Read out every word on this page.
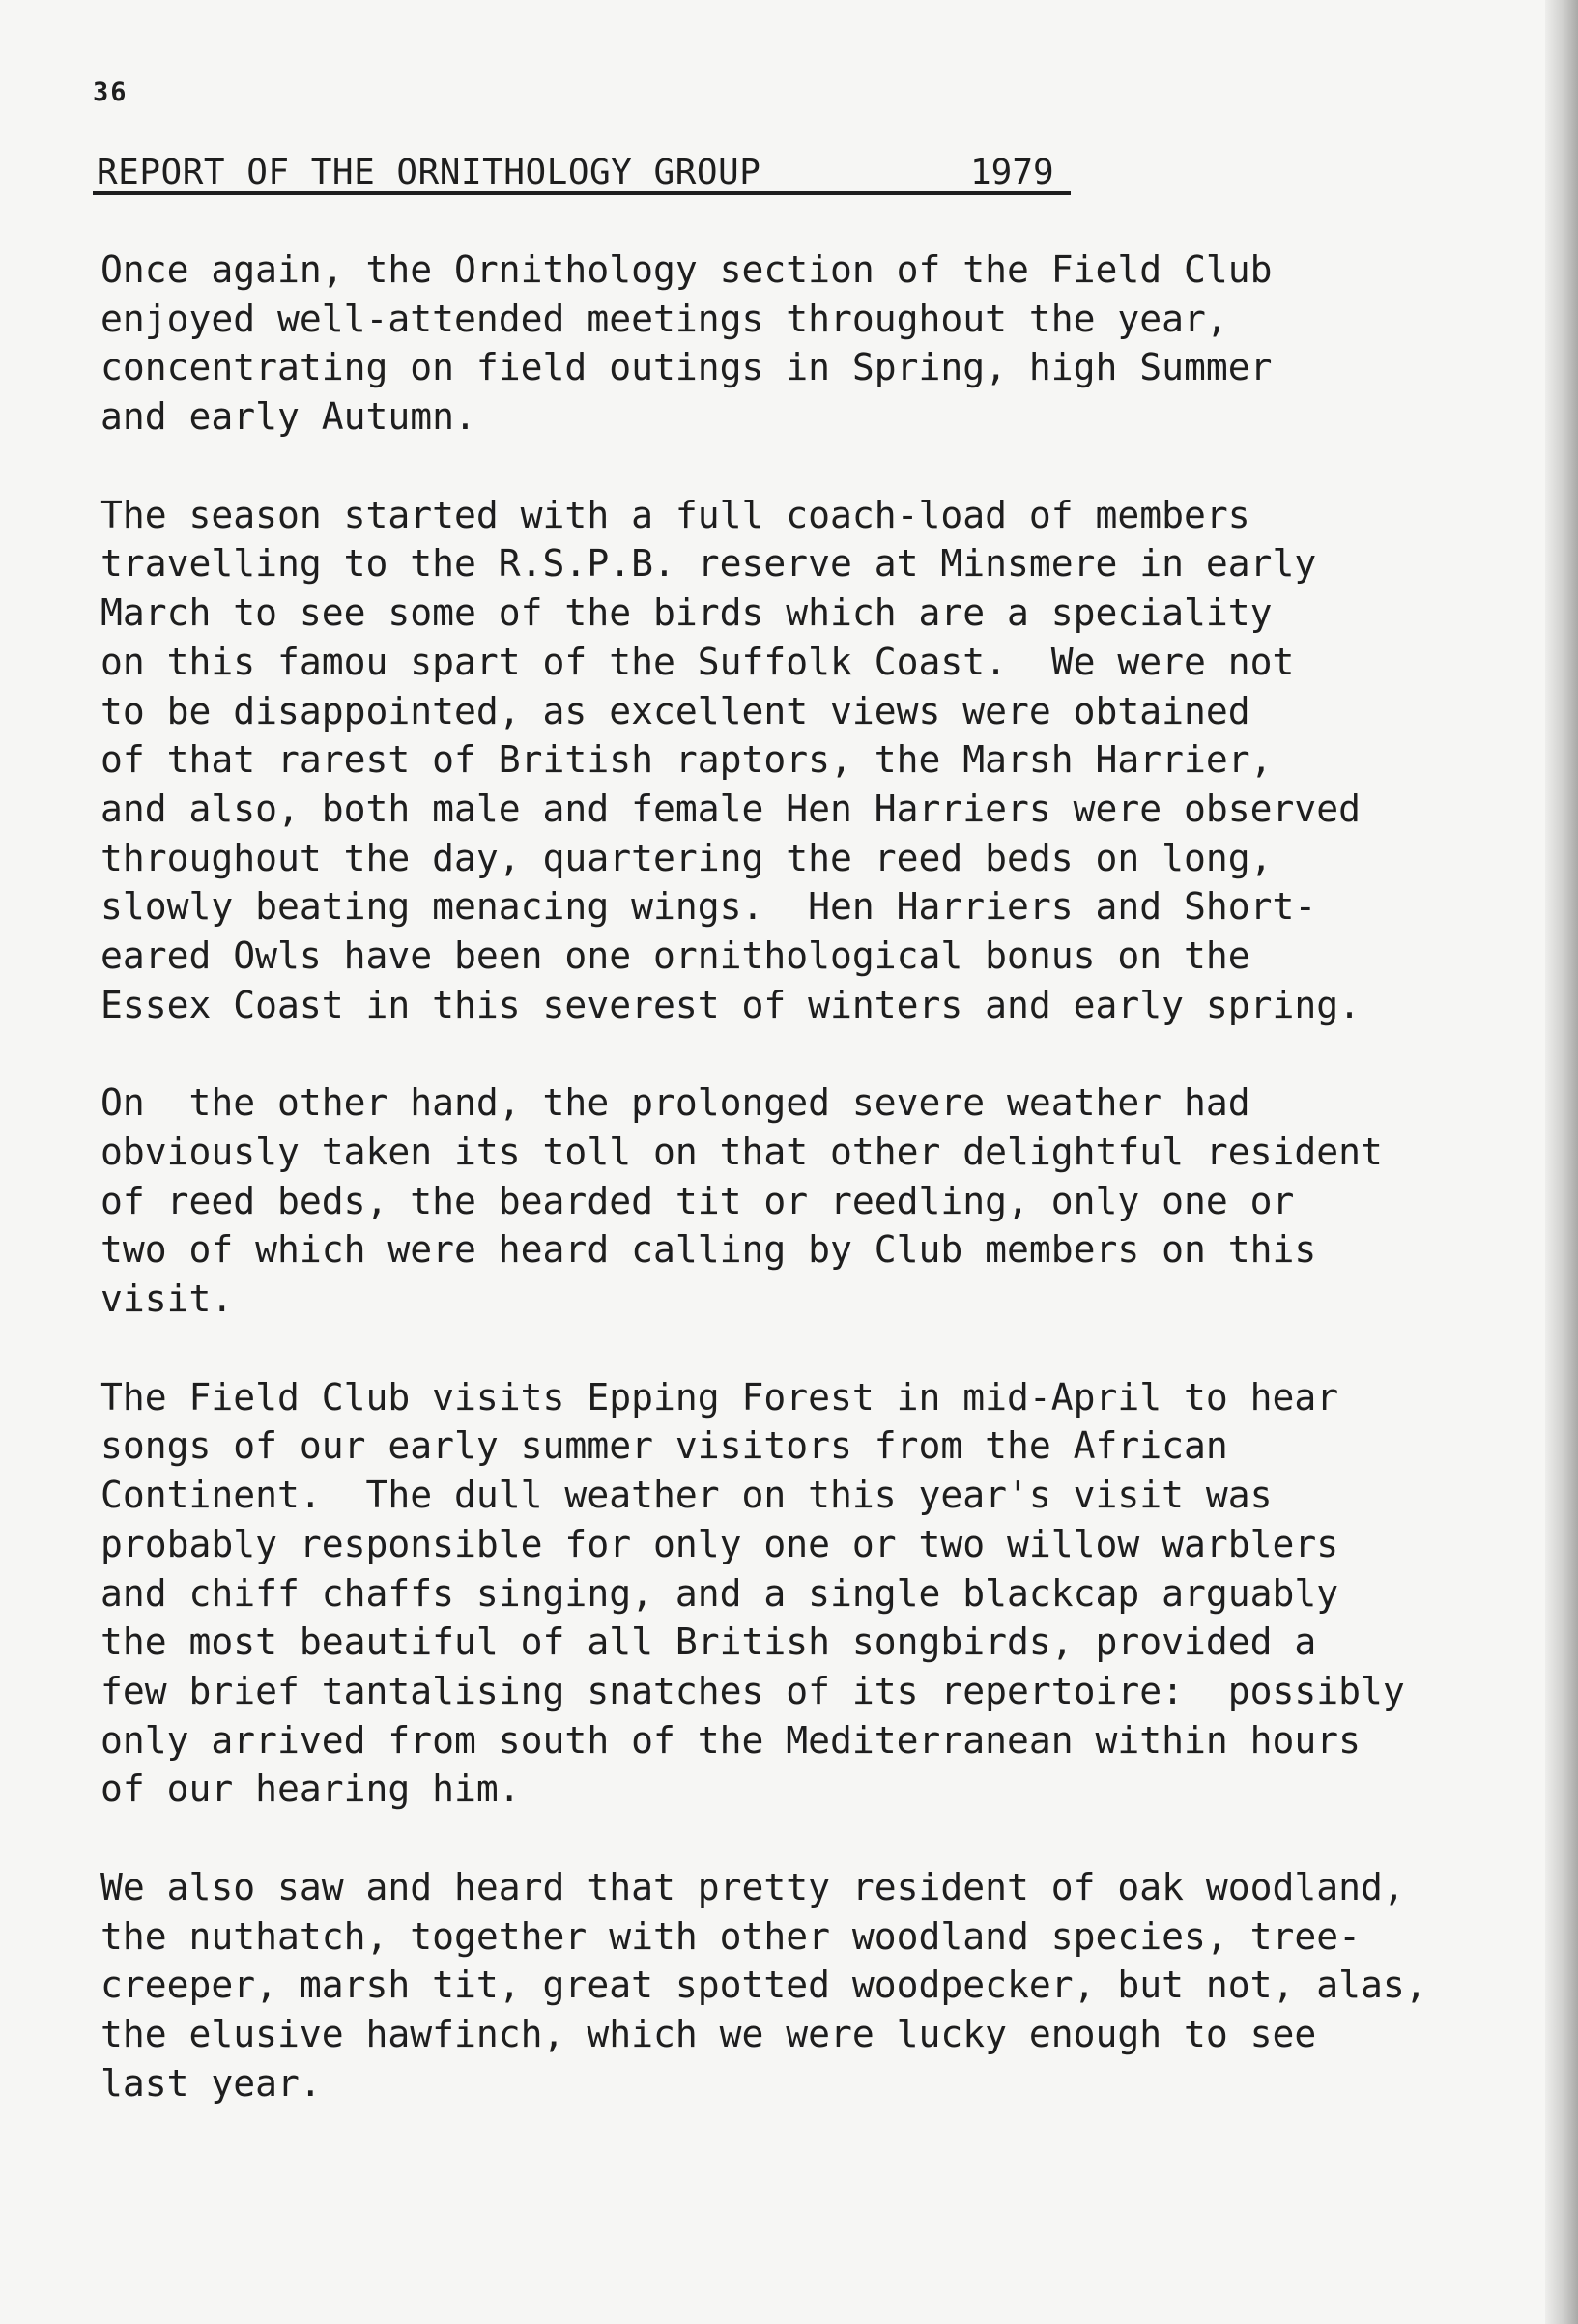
36

REPORT OF THE ORNITHOLOGY GROUP	1979

Once again, the Ornithology section of the Field Club
enjoyed well-attended meetings throughout the year,
concentrating on field outings in Spring, high Summer
and early Autumn.

The season started with a full coach-load of members
travelling to the R.S.P.B. reserve at Minsmere in early
March to see some of the birds which are a speciality
on this famou spart of the Suffolk Coast.  We were not
to be disappointed, as excellent views were obtained
of that rarest of British raptors, the Marsh Harrier,
and also, both male and female Hen Harriers were observed
throughout the day, quartering the reed beds on long,
slowly beating menacing wings.  Hen Harriers and Short-
eared Owls have been one ornithological bonus on the
Essex Coast in this severest of winters and early spring.

On  the other hand, the prolonged severe weather had
obviously taken its toll on that other delightful resident
of reed beds, the bearded tit or reedling, only one or
two of which were heard calling by Club members on this
visit.

The Field Club visits Epping Forest in mid-April to hear
songs of our early summer visitors from the African
Continent.  The dull weather on this year's visit was
probably responsible for only one or two willow warblers
and chiff chaffs singing, and a single blackcap arguably
the most beautiful of all British songbirds, provided a
few brief tantalising snatches of its repertoire:  possibly
only arrived from south of the Mediterranean within hours
of our hearing him.

We also saw and heard that pretty resident of oak woodland,
the nuthatch, together with other woodland species, tree-
creeper, marsh tit, great spotted woodpecker, but not, alas,
the elusive hawfinch, which we were lucky enough to see
last year.
